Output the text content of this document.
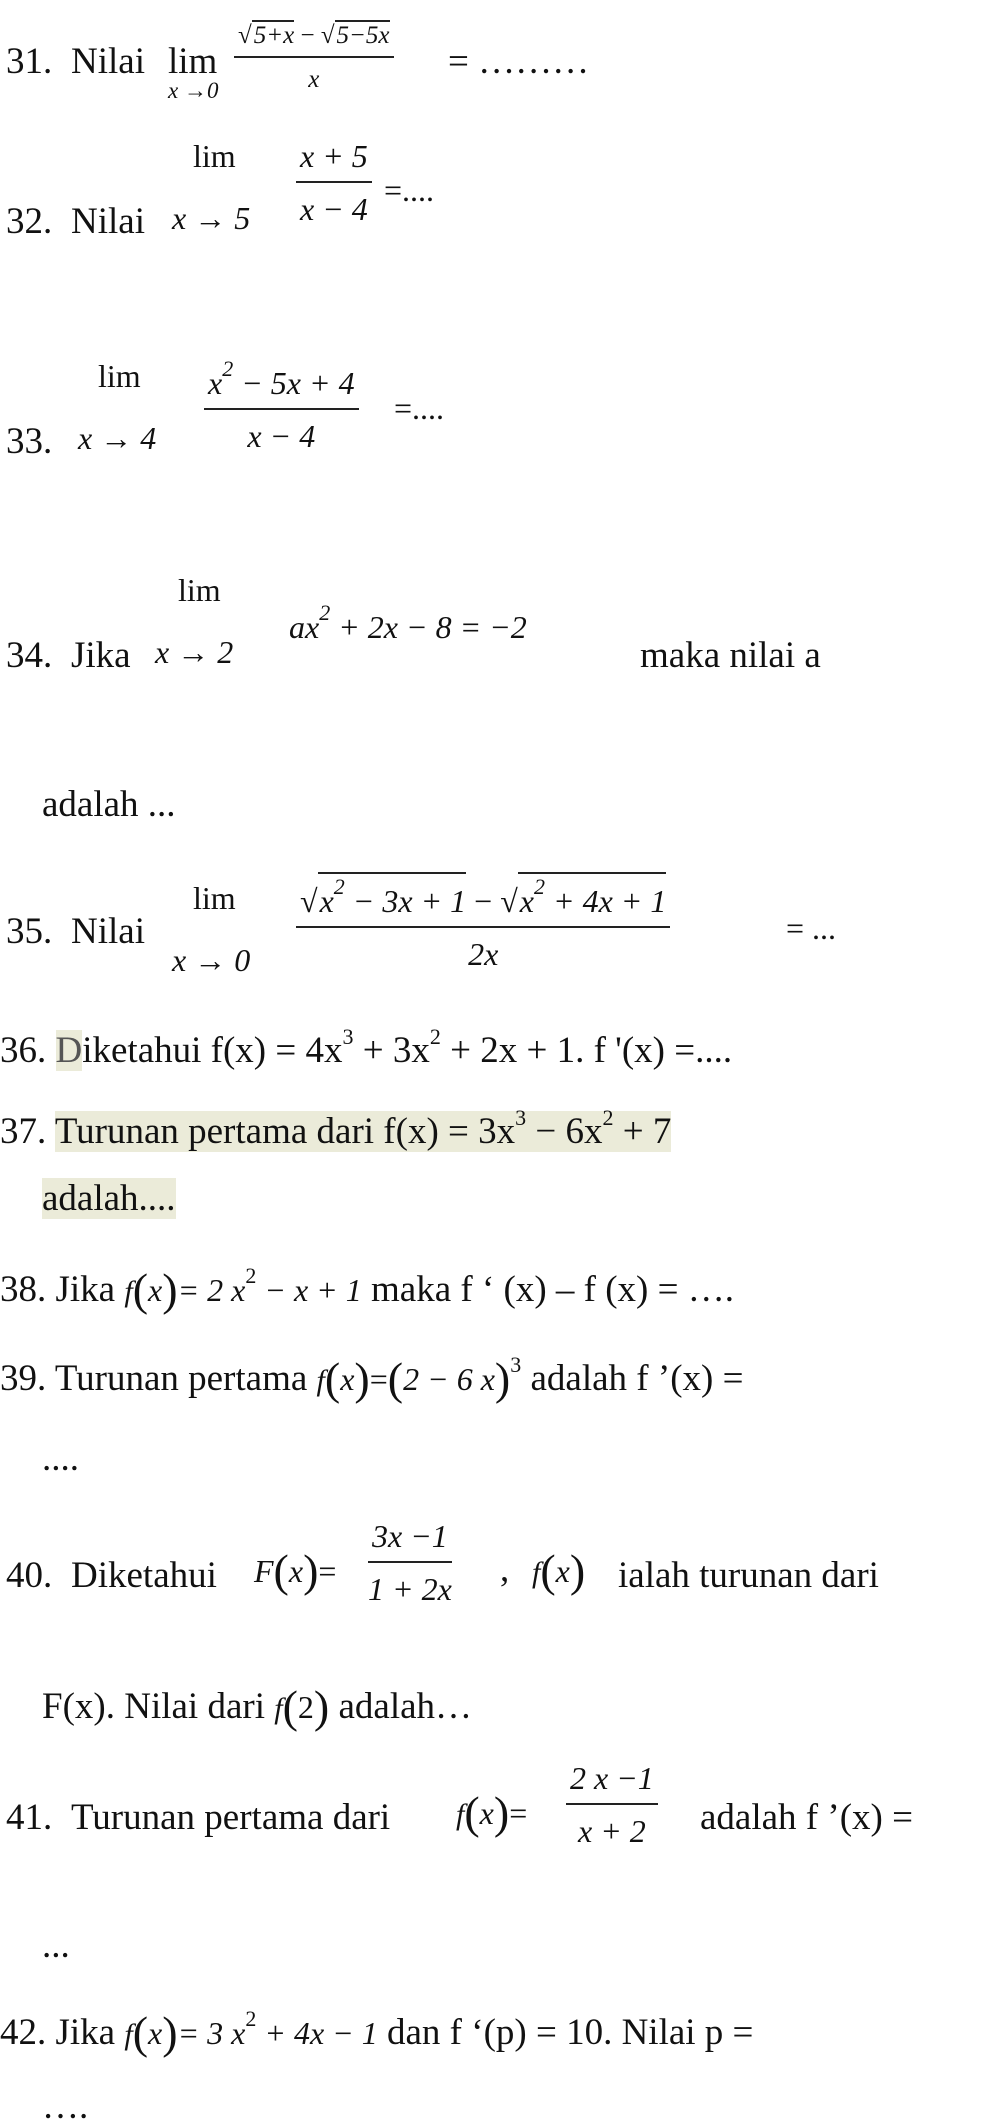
31. Nilai lim
$x \to 0 \frac{√5+x - √5-5x}{x}$ = ………
lim
32. Nilai $x \to 5 \frac{x + 5}{x - 4}$ =....
lim
33. $x \to 4 \frac{x^2 - 5x + 4}{x - 4}$ =....
lim
34. Jika x → 2
$ax^2 + 2x - 8 = -2$
maka nilai a
adalah ...
lim
35. Nilai
$x \to 0 \frac{√x^2 - 3x + 1 - √x^2 + 4x + 1}{2x}$	= ...
36. Diketahui $f(x) = 4x^3 + 3x^2 + 2x + 1$. f '(x) =....
37. Turunan pertama dari $f(x) = 3x^3 - 6x^2 + 7$
adalah....
38. Jika f(x)= 2 $x^2 - x + 1$ maka f ‘ (x) – f (x) = ….
39. Turunan pertama f(x)=(2 − 6 x)$^3$ adalah f ’(x) =
....
40. Diketahui $F(x)= \frac{3x -1}{1 + 2x}$ , f(x) ialah turunan dari
F(x). Nilai dari f(2) adalah…
41. Turunan pertama dari $f(x)= \frac{2 x -1}{x + 2}$ adalah f ’(x) =
...
42. Jika f(x)= 3 $x^2 + 4x - 1$ dan f ‘(p) = 10. Nilai p =
….
